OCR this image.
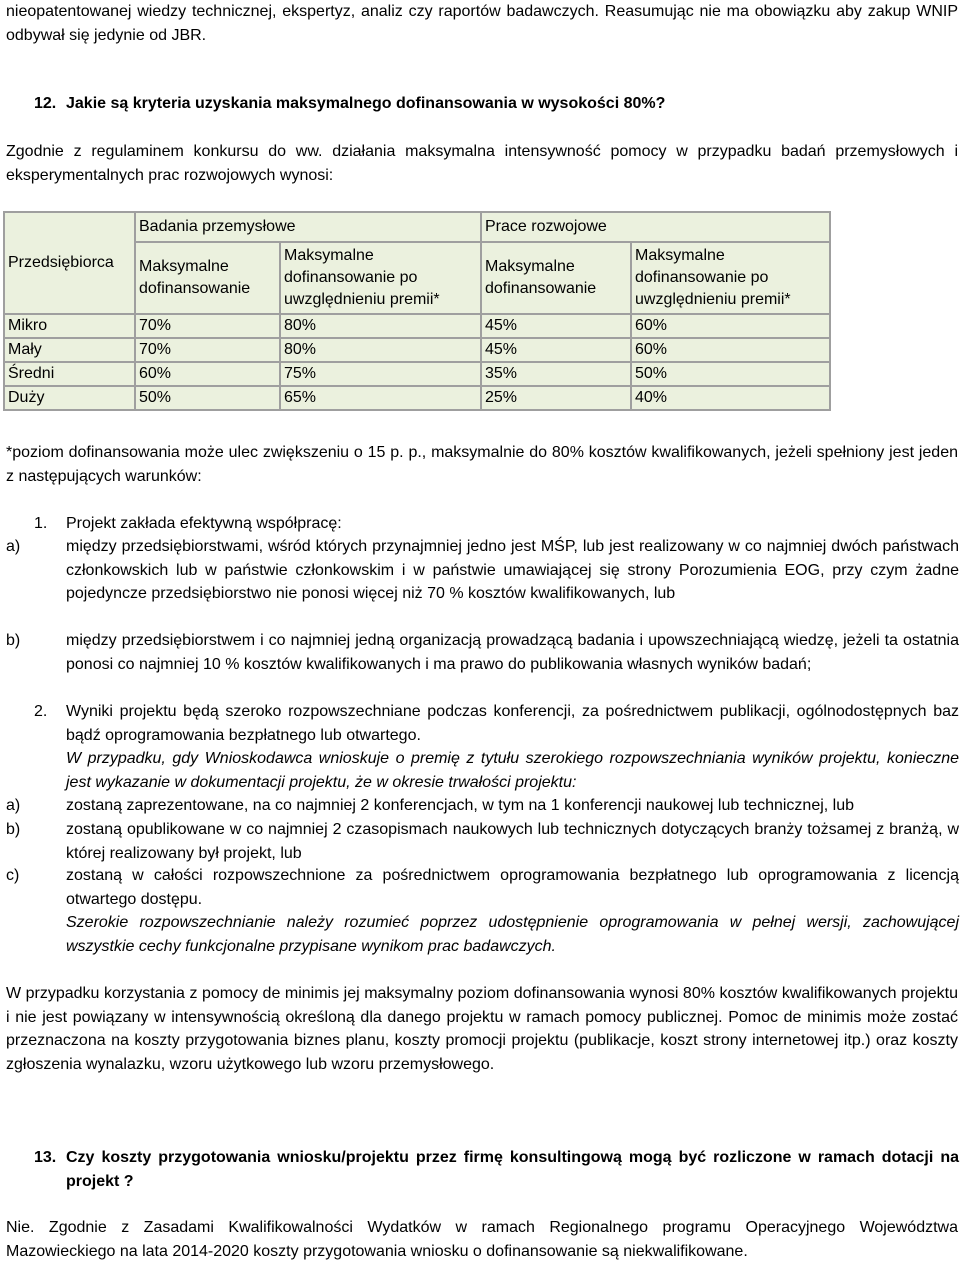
nieopatentowanej wiedzy technicznej, ekspertyz, analiz czy raportów badawczych. Reasumując nie ma obowiązku aby zakup WNIP odbywał się jedynie od JBR.
12. Jakie są kryteria uzyskania maksymalnego dofinansowania w wysokości 80%?
Zgodnie z regulaminem konkursu do ww. działania maksymalna intensywność pomocy w przypadku badań przemysłowych i eksperymentalnych prac rozwojowych wynosi:
Przedsiębiorca	Badania przemysłowe		Prace rozwojowe	
	Maksymalne dofinansowanie	Maksymalne dofinansowanie po uwzględnieniu premii*	Maksymalne dofinansowanie	Maksymalne dofinansowanie po uwzględnieniu premii*
Mikro	70%	80%	45%	60%
Mały	70%	80%	45%	60%
Średni	60%	75%	35%	50%
Duży	50%	65%	25%	40%
*poziom dofinansowania może ulec zwiększeniu o 15 p. p., maksymalnie do 80% kosztów kwalifikowanych, jeżeli spełniony jest jeden z następujących warunków:
1.	Projekt zakłada efektywną współpracę:
a)	między przedsiębiorstwami, wśród których przynajmniej jedno jest MŚP, lub jest realizowany w co najmniej dwóch państwach członkowskich lub w państwie członkowskim i w państwie umawiającej się strony Porozumienia EOG, przy czym żadne pojedyncze przedsiębiorstwo nie ponosi więcej niż 70 % kosztów kwalifikowanych, lub
b)	między przedsiębiorstwem i co najmniej jedną organizacją prowadzącą badania i upowszechniającą wiedzę, jeżeli ta ostatnia ponosi co najmniej 10 % kosztów kwalifikowanych i ma prawo do publikowania własnych wyników badań;
2.	Wyniki projektu będą szeroko rozpowszechniane podczas konferencji, za pośrednictwem publikacji, ogólnodostępnych baz bądź oprogramowania bezpłatnego lub otwartego.
W przypadku, gdy Wnioskodawca wnioskuje o premię z tytułu szerokiego rozpowszechniania wyników projektu, konieczne jest wykazanie w dokumentacji projektu, że w okresie trwałości projektu:
a)	zostaną zaprezentowane, na co najmniej 2 konferencjach, w tym na 1 konferencji naukowej lub technicznej, lub
b)	zostaną opublikowane w co najmniej 2 czasopismach naukowych lub technicznych dotyczących branży tożsamej z branżą, w której realizowany był projekt, lub
c)	zostaną w całości rozpowszechnione za pośrednictwem oprogramowania bezpłatnego lub oprogramowania z licencją otwartego dostępu.
Szerokie rozpowszechnianie należy rozumieć poprzez udostępnienie oprogramowania w pełnej wersji, zachowującej wszystkie cechy funkcjonalne przypisane wynikom prac badawczych.
W przypadku korzystania z pomocy de minimis jej maksymalny poziom dofinansowania wynosi 80% kosztów kwalifikowanych projektu i nie jest powiązany w intensywnością określoną dla danego projektu w ramach pomocy publicznej. Pomoc de minimis może zostać przeznaczona na koszty przygotowania biznes planu, koszty promocji projektu (publikacje, koszt strony internetowej itp.) oraz koszty zgłoszenia wynalazku, wzoru użytkowego lub wzoru przemysłowego.
13. Czy koszty przygotowania wniosku/projektu przez firmę konsultingową mogą być rozliczone w ramach dotacji na projekt ?
Nie. Zgodnie z Zasadami Kwalifikowalności Wydatków w ramach Regionalnego programu Operacyjnego Województwa Mazowieckiego na lata 2014-2020 koszty przygotowania wniosku o dofinansowanie są niekwalifikowane.
